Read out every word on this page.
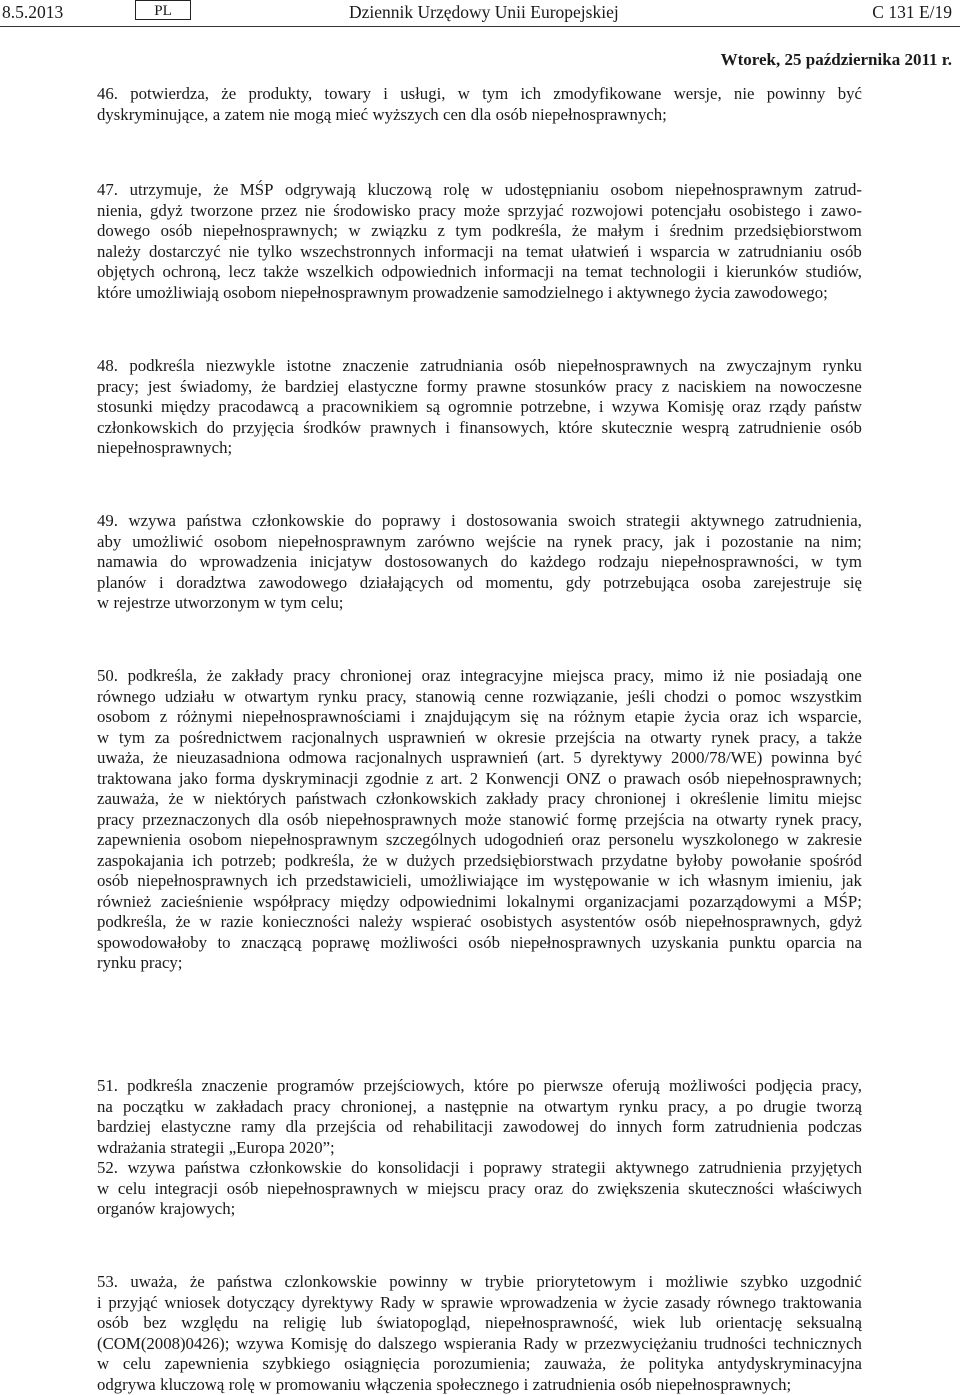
8.5.2013	PL	Dziennik Urzędowy Unii Europejskiej	C 131 E/19
Wtorek, 25 października 2011 r.
46. potwierdza, że produkty, towary i usługi, w tym ich zmodyfikowane wersje, nie powinny być
dyskryminujące, a zatem nie mogą mieć wyższych cen dla osób niepełnosprawnych;
47. utrzymuje, że MŚP odgrywają kluczową rolę w udostępnianiu osobom niepełnosprawnym zatrud-
nienia, gdyż tworzone przez nie środowisko pracy może sprzyjać rozwojowi potencjału osobistego i zawo-
dowego osób niepełnosprawnych; w związku z tym podkreśla, że małym i średnim przedsiębiorstwom
należy dostarczyć nie tylko wszechstronnych informacji na temat ułatwień i wsparcia w zatrudnianiu osób
objętych ochroną, lecz także wszelkich odpowiednich informacji na temat technologii i kierunków studiów,
które umożliwiają osobom niepełnosprawnym prowadzenie samodzielnego i aktywnego życia zawodowego;
48. podkreśla niezwykle istotne znaczenie zatrudniania osób niepełnosprawnych na zwyczajnym rynku
pracy; jest świadomy, że bardziej elastyczne formy prawne stosunków pracy z naciskiem na nowoczesne
stosunki między pracodawcą a pracownikiem są ogromnie potrzebne, i wzywa Komisję oraz rządy państw
członkowskich do przyjęcia środków prawnych i finansowych, które skutecznie wesprą zatrudnienie osób
niepełnosprawnych;
49. wzywa państwa członkowskie do poprawy i dostosowania swoich strategii aktywnego zatrudnienia,
aby umożliwić osobom niepełnosprawnym zarówno wejście na rynek pracy, jak i pozostanie na nim;
namawia do wprowadzenia inicjatyw dostosowanych do każdego rodzaju niepełnosprawności, w tym
planów i doradztwa zawodowego działających od momentu, gdy potrzebująca osoba zarejestruje się
w rejestrze utworzonym w tym celu;
50. podkreśla, że zakłady pracy chronionej oraz integracyjne miejsca pracy, mimo iż nie posiadają one
równego udziału w otwartym rynku pracy, stanowią cenne rozwiązanie, jeśli chodzi o pomoc wszystkim
osobom z różnymi niepełnosprawnościami i znajdującym się na różnym etapie życia oraz ich wsparcie,
w tym za pośrednictwem racjonalnych usprawnień w okresie przejścia na otwarty rynek pracy, a także
uważa, że nieuzasadniona odmowa racjonalnych usprawnień (art. 5 dyrektywy 2000/78/WE) powinna być
traktowana jako forma dyskryminacji zgodnie z art. 2 Konwencji ONZ o prawach osób niepełnosprawnych;
zauważa, że w niektórych państwach członkowskich zakłady pracy chronionej i określenie limitu miejsc
pracy przeznaczonych dla osób niepełnosprawnych może stanowić formę przejścia na otwarty rynek pracy,
zapewnienia osobom niepełnosprawnym szczególnych udogodnień oraz personelu wyszkolonego w zakresie
zaspokajania ich potrzeb; podkreśla, że w dużych przedsiębiorstwach przydatne byłoby powołanie spośród
osób niepełnosprawnych ich przedstawicieli, umożliwiające im występowanie w ich własnym imieniu, jak
również zacieśnienie współpracy między odpowiednimi lokalnymi organizacjami pozarządowymi a MŚP;
podkreśla, że w razie konieczności należy wspierać osobistych asystentów osób niepełnosprawnych, gdyż
spowodowałoby to znaczącą poprawę możliwości osób niepełnosprawnych uzyskania punktu oparcia na
rynku pracy;
51. podkreśla znaczenie programów przejściowych, które po pierwsze oferują możliwości podjęcia pracy,
na początku w zakładach pracy chronionej, a następnie na otwartym rynku pracy, a po drugie tworzą
bardziej elastyczne ramy dla przejścia od rehabilitacji zawodowej do innych form zatrudnienia podczas
wdrażania strategii „Europa 2020”;
52. wzywa państwa członkowskie do konsolidacji i poprawy strategii aktywnego zatrudnienia przyjętych
w celu integracji osób niepełnosprawnych w miejscu pracy oraz do zwiększenia skuteczności właściwych
organów krajowych;
53. uważa, że państwa czlonkowskie powinny w trybie priorytetowym i możliwie szybko uzgodnić
i przyjąć wniosek dotyczący dyrektywy Rady w sprawie wprowadzenia w życie zasady równego traktowania
osób bez względu na religię lub światopogląd, niepełnosprawność, wiek lub orientację seksualną
(COM(2008)0426); wzywa Komisję do dalszego wspierania Rady w przezwyciężaniu trudności technicznych
w celu zapewnienia szybkiego osiągnięcia porozumienia; zauważa, że polityka antydyskryminacyjna
odgrywa kluczową rolę w promowaniu włączenia społecznego i zatrudnienia osób niepełnosprawnych;
